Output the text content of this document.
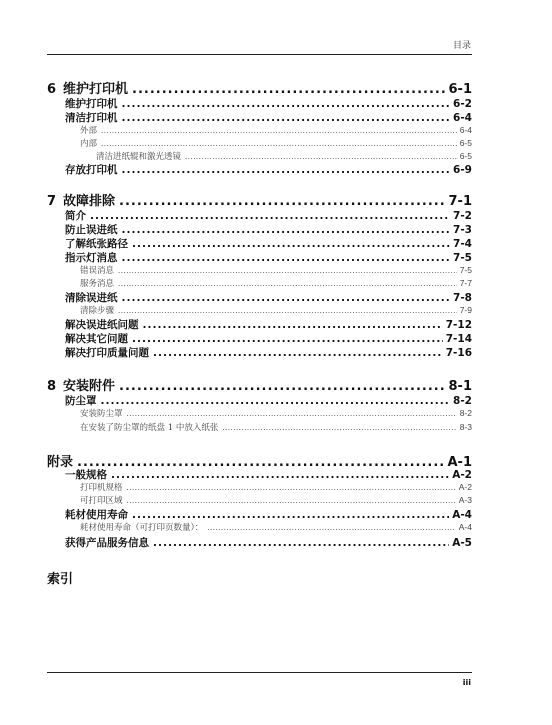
目录
6 维护打印机 .....	6-1
维护打印机 .....	6-2
清洁打印机 .....	6-4
外部 .....	6-4
内部 .....	6-5
清洁进纸辊和激光透镜 .....	6-5
存放打印机 .....	6-9
7 故障排除 .....	7-1
简介 .....	7-2
防止误进纸 .....	7-3
了解纸张路径 .....	7-4
指示灯消息 .....	7-5
错误消息 .....	7-5
服务消息 .....	7-7
清除误进纸 .....	7-8
清除步骤 .....	7-9
解决误进纸问题 .....	7-12
解决其它问题 .....	7-14
解决打印质量问题 .....	7-16
8 安装附件 .....	8-1
防尘罩 .....	8-2
安装防尘罩 .....	8-2
在安装了防尘罩的纸盘 1 中放入纸张 .....	8-3
附录 .....	A-1
一般规格 .....	A-2
打印机规格 .....	A-2
可打印区域 .....	A-3
耗材使用寿命 .....	A-4
耗材使用寿命（可打印页数量）： .....	A-4
获得产品服务信息 .....	A-5
索引
iii
